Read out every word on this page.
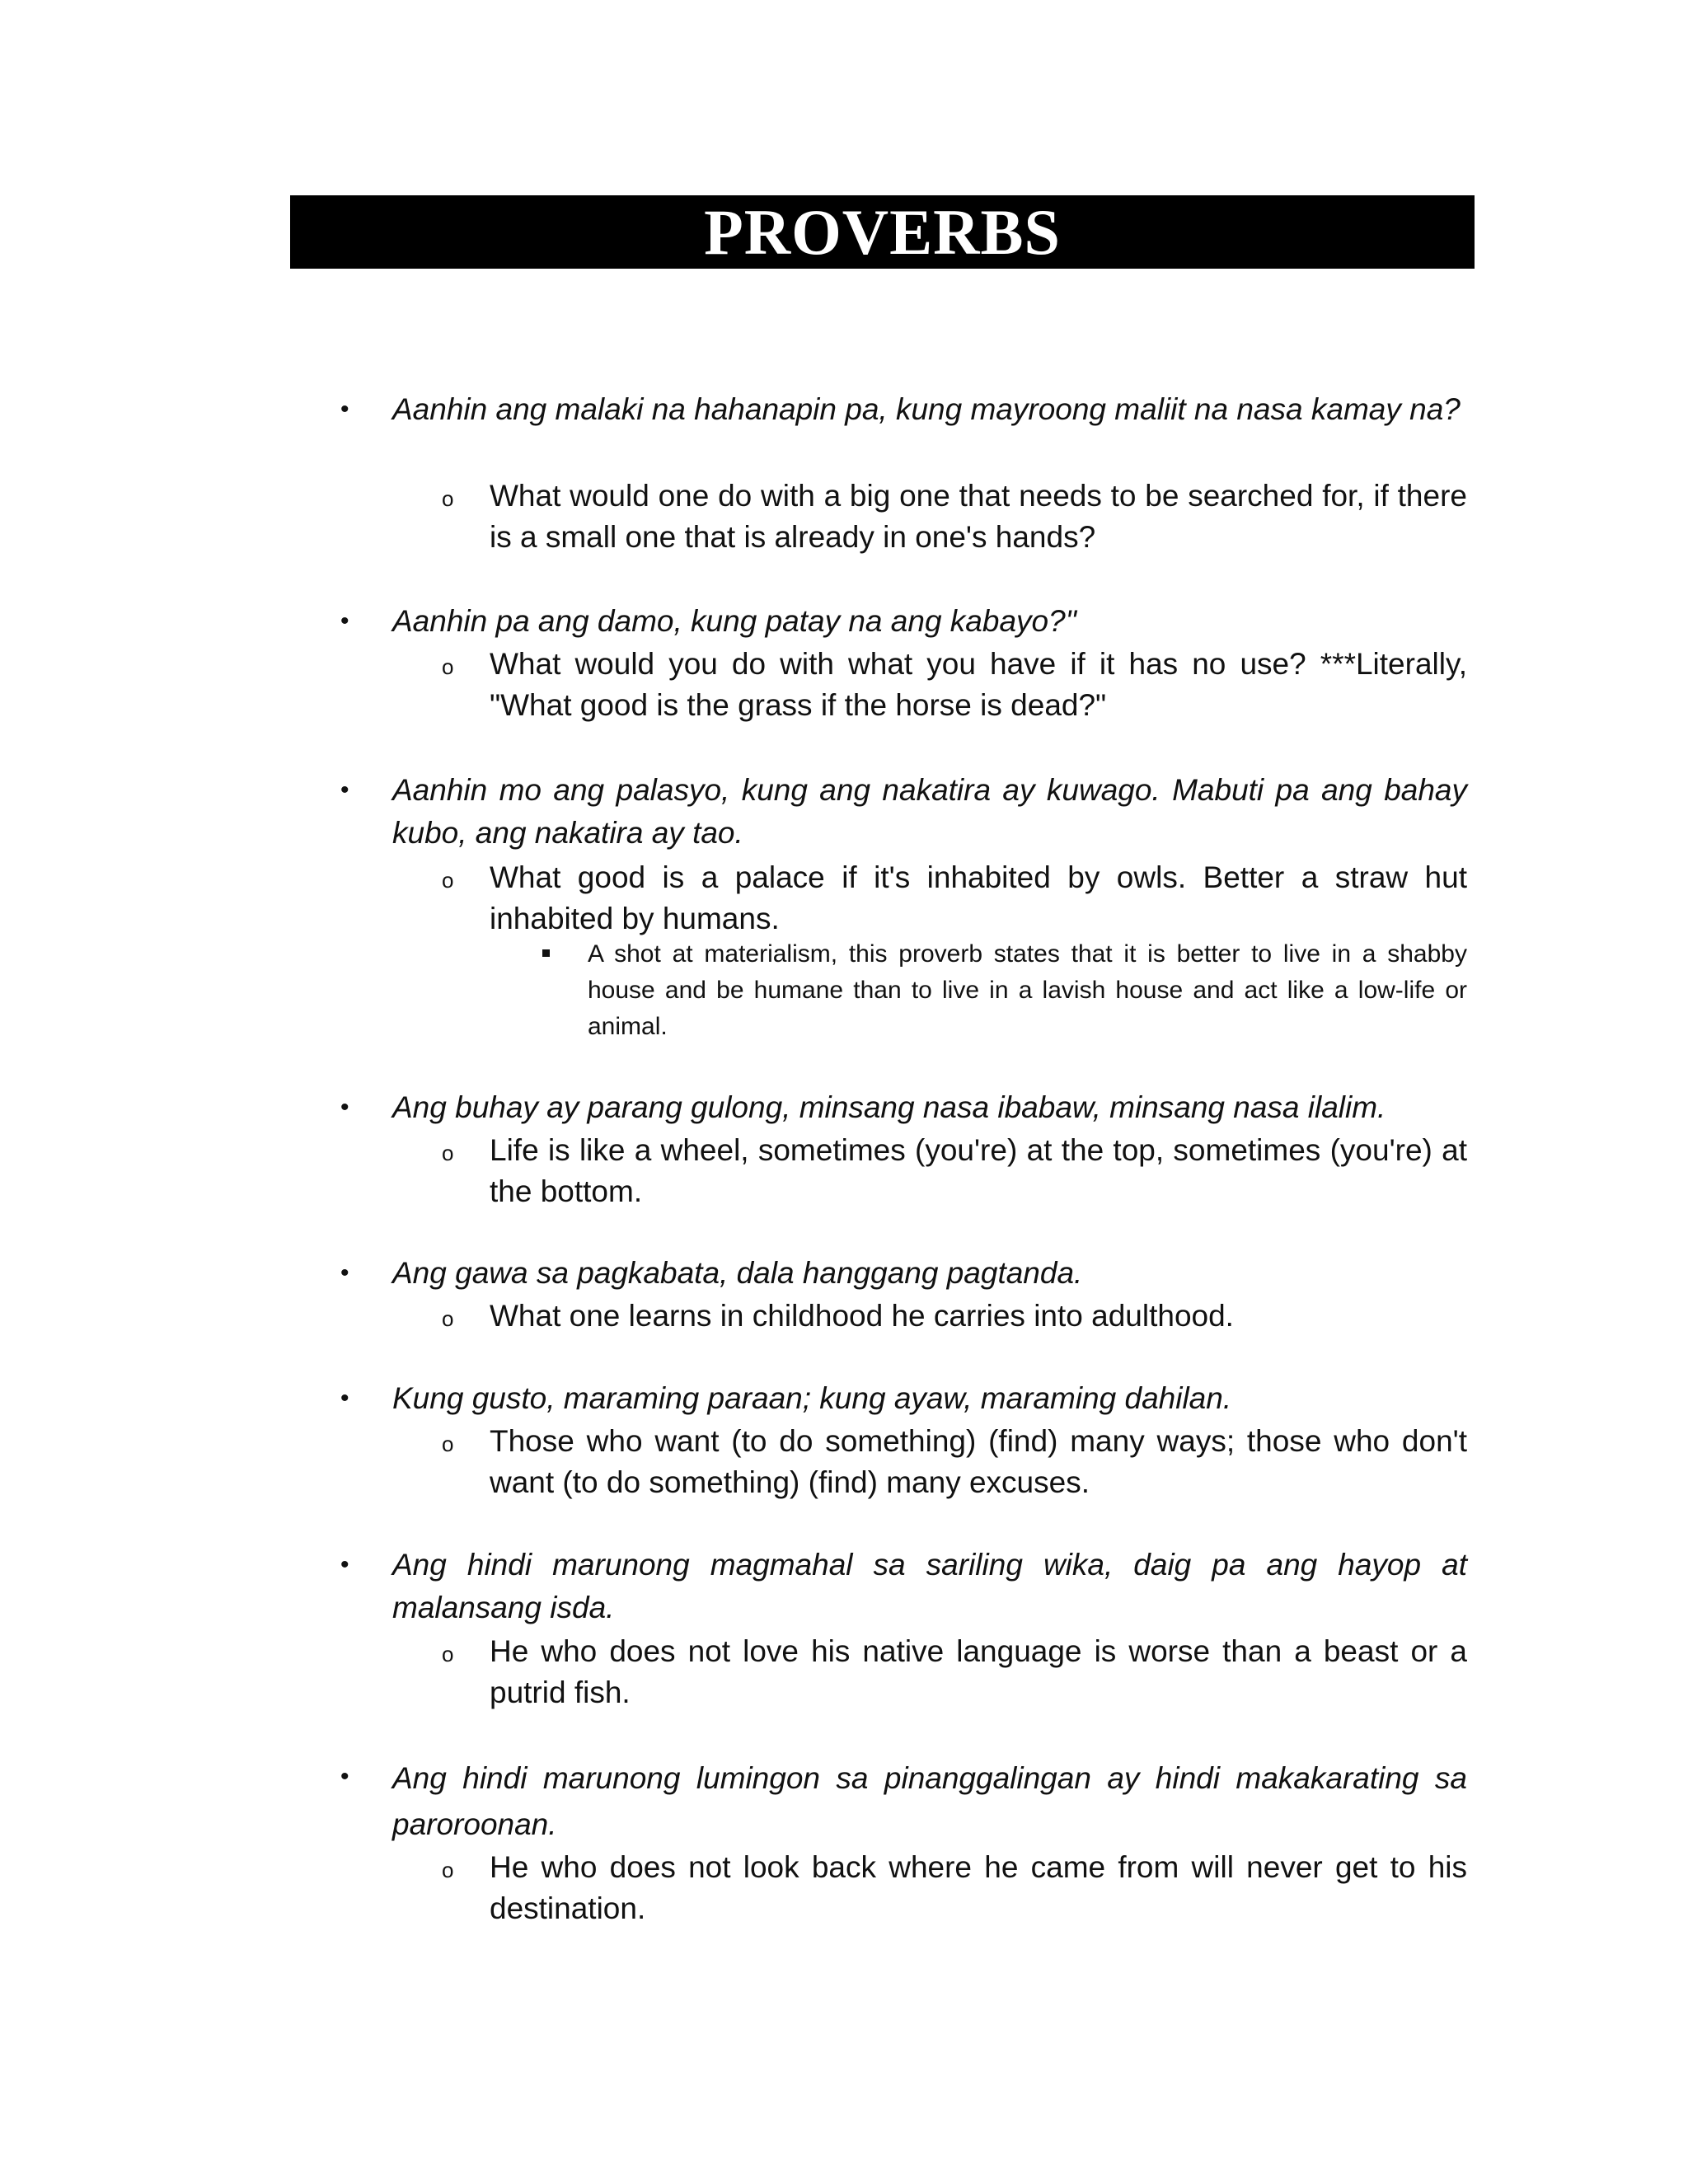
PROVERBS
• Aanhin ang malaki na hahanapin pa, kung mayroong maliit na nasa kamay na?
o What would one do with a big one that needs to be searched for, if there is a small one that is already in one's hands?
• Aanhin pa ang damo, kung patay na ang kabayo?"
o What would you do with what you have if it has no use? ***Literally, "What good is the grass if the horse is dead?"
• Aanhin mo ang palasyo, kung ang nakatira ay kuwago. Mabuti pa ang bahay kubo, ang nakatira ay tao.
o What good is a palace if it's inhabited by owls. Better a straw hut inhabited by humans.
A shot at materialism, this proverb states that it is better to live in a shabby house and be humane than to live in a lavish house and act like a low-life or animal.
• Ang buhay ay parang gulong, minsang nasa ibabaw, minsang nasa ilalim.
o Life is like a wheel, sometimes (you're) at the top, sometimes (you're) at the bottom.
• Ang gawa sa pagkabata, dala hanggang pagtanda.
o What one learns in childhood he carries into adulthood.
• Kung gusto, maraming paraan; kung ayaw, maraming dahilan.
o Those who want (to do something) (find) many ways; those who don't want (to do something) (find) many excuses.
• Ang hindi marunong magmahal sa sariling wika, daig pa ang hayop at malansang isda.
o He who does not love his native language is worse than a beast or a putrid fish.
• Ang hindi marunong lumingon sa pinanggalingan ay hindi makakarating sa paroroonan.
o He who does not look back where he came from will never get to his destination.
